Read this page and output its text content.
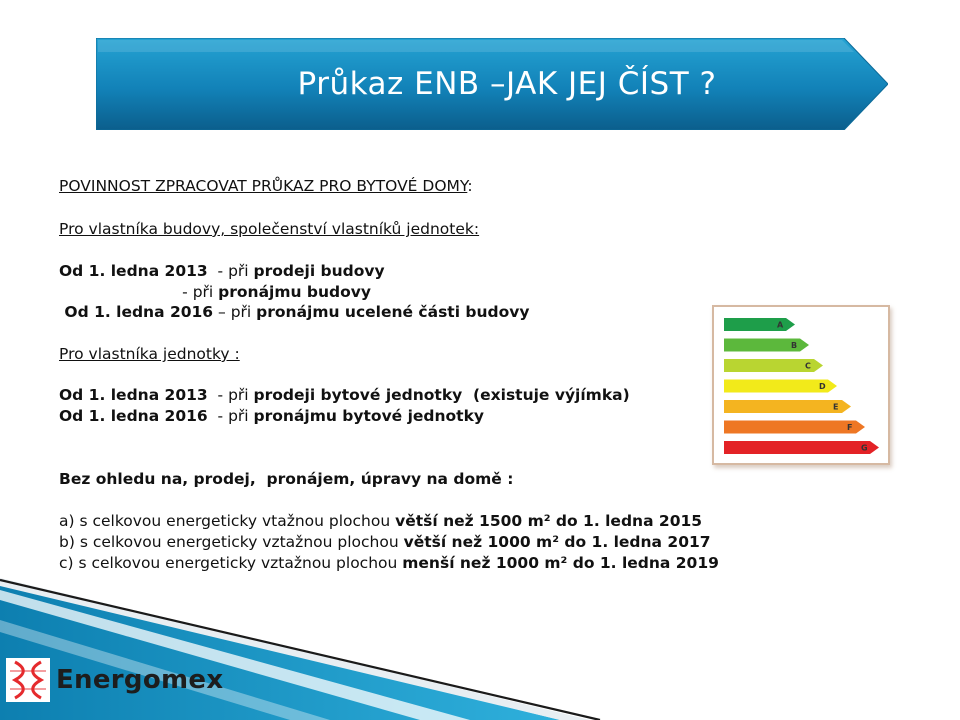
Průkaz ENB –JAK JEJ ČÍST ?
POVINNOST ZPRACOVAT PRŮKAZ PRO BYTOVÉ DOMY:
Pro vlastníka budovy, společenství vlastníků jednotek:
Od 1. ledna 2013  - při prodeji budovy
- při pronájmu budovy
Od 1. ledna 2016 – při pronájmu ucelené části budovy
Pro vlastníka jednotky :
Od 1. ledna 2013  - při prodeji bytové jednotky  (existuje výjímka)
Od 1. ledna 2016  - při pronájmu bytové jednotky
Bez ohledu na, prodej,  pronájem, úpravy na domě :
a) s celkovou energeticky vtažnou plochou větší než 1500 m² do 1. ledna 2015
b) s celkovou energeticky vztažnou plochou větší než 1000 m² do 1. ledna 2017
c) s celkovou energeticky vztažnou plochou menší než 1000 m² do 1. ledna 2019
A
B
C
D
E
F
G
Energomex
